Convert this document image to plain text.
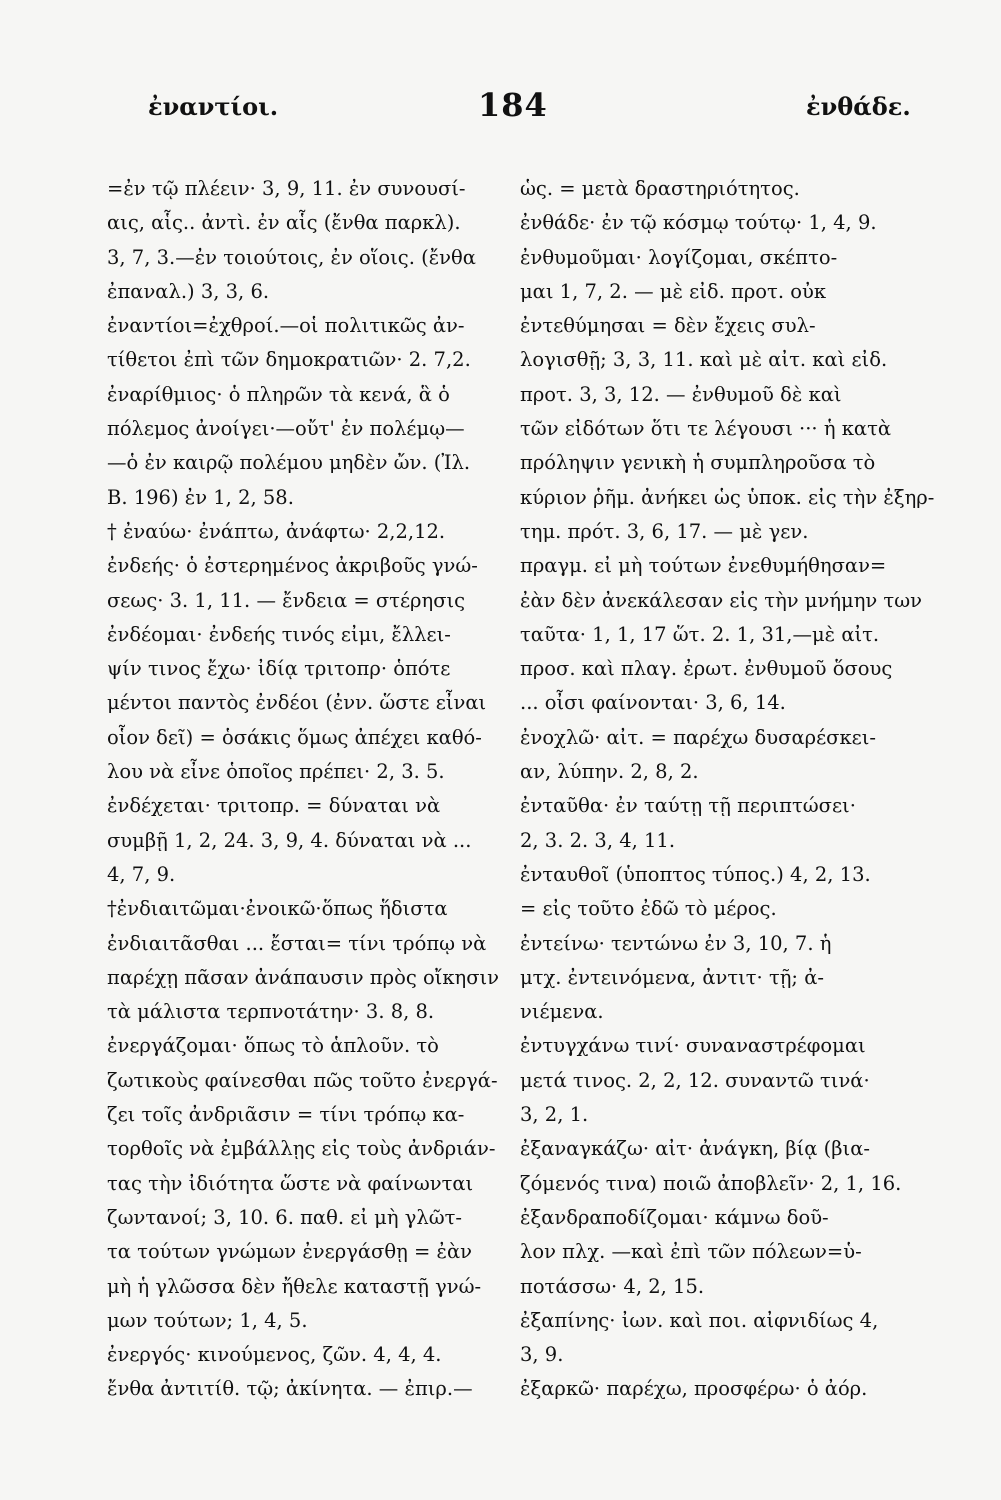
ἐναντίοι.	184	ἐνθάδε.
=ἐν τῷ πλέειν· 3, 9, 11. ἐν συνουσί-
αις, αἷς.. ἀντὶ. ἐν αἷς (ἔνθα παρκλ).
3, 7, 3.—ἐν τοιούτοις, ἐν οἵοις. (ἔνθα
ἐπαναλ.) 3, 3, 6.
ἐναντίοι=ἐχθροί.—οἱ πολιτικῶς ἀν-
τίθετοι ἐπὶ τῶν δημοκρατιῶν· 2. 7,2.
ἐναρίθμιος· ὁ πληρῶν τὰ κενά, ἃ ὁ
πόλεμος ἀνοίγει·—οὔτ' ἐν πολέμῳ—
—ὁ ἐν καιρῷ πολέμου μηδὲν ὤν. (Ἰλ.
Β. 196) ἐν 1, 2, 58.
† ἐναύω· ἐνάπτω, ἀνάφτω· 2,2,12.
ἐνδεής· ὁ ἐστερημένος ἀκριβοῦς γνώ-
σεως· 3. 1, 11. — ἔνδεια = στέρησις
ἐνδέομαι· ἐνδεής τινός εἰμι, ἔλλει-
ψίν τινος ἔχω· ἰδίᾳ τριτοπρ· ὁπότε
μέντοι παντὸς ἐνδέοι (ἐνν. ὥστε εἶναι
οἷον δεῖ) = ὁσάκις ὅμως ἀπέχει καθό-
λου νὰ εἶνε ὁποῖος πρέπει· 2, 3. 5.
ἐνδέχεται· τριτοπρ. = δύναται νὰ
συμβῇ 1, 2, 24. 3, 9, 4. δύναται νὰ ...
4, 7, 9.
†ἐνδιαιτῶμαι·ἐνοικῶ·ὅπως ἥδιστα
ἐνδιαιτᾶσθαι ... ἔσται= τίνι τρόπῳ νὰ
παρέχῃ πᾶσαν ἀνάπαυσιν πρὸς οἴκησιν
τὰ μάλιστα τερπνοτάτην· 3. 8, 8.
ἐνεργάζομαι· ὅπως τὸ ἁπλοῦν. τὸ
ζωτικοὺς φαίνεσθαι πῶς τοῦτο ἐνεργά-
ζει τοῖς ἀνδριᾶσιν = τίνι τρόπῳ κα-
τορθοῖς νὰ ἐμβάλλῃς εἰς τοὺς ἀνδριάν-
τας τὴν ἰδιότητα ὥστε νὰ φαίνωνται
ζωντανοί; 3, 10. 6. παθ. εἰ μὴ γλῶτ-
τα τούτων γνώμων ἐνεργάσθῃ = ἐὰν
μὴ ἡ γλῶσσα δὲν ἤθελε καταστῇ γνώ-
μων τούτων; 1, 4, 5.
ἐνεργός· κινούμενος, ζῶν. 4, 4, 4.
ἔνθα ἀντιτίθ. τῷ; ἀκίνητα. — ἐπιρ.—
ὡς. = μετὰ δραστηριότητος.
ἐνθάδε· ἐν τῷ κόσμῳ τούτῳ· 1, 4, 9.
ἐνθυμοῦμαι· λογίζομαι, σκέπτο-
μαι 1, 7, 2. — μὲ εἰδ. προτ. οὐκ
ἐντεθύμησαι = δὲν ἔχεις συλ-
λογισθῇ; 3, 3, 11. καὶ μὲ αἰτ. καὶ εἰδ.
προτ. 3, 3, 12. — ἐνθυμοῦ δὲ καὶ
τῶν εἰδότων ὅτι τε λέγουσι ··· ἡ κατὰ
πρόληψιν γενικὴ ἡ συμπληροῦσα τὸ
κύριον ῥῆμ. ἀνήκει ὡς ὑποκ. εἰς τὴν ἐξηρ-
τημ. πρότ. 3, 6, 17. — μὲ γεν.
πραγμ. εἰ μὴ τούτων ἐνεθυμήθησαν=
ἐὰν δὲν ἀνεκάλεσαν εἰς τὴν μνήμην των
ταῦτα· 1, 1, 17 ὥτ. 2. 1, 31,—μὲ αἰτ.
προσ. καὶ πλαγ. ἐρωτ. ἐνθυμοῦ ὅσους
... οἶσι φαίνονται· 3, 6, 14.
ἐνοχλῶ· αἰτ. = παρέχω δυσαρέσκει-
αν, λύπην. 2, 8, 2.
ἐνταῦθα· ἐν ταύτῃ τῇ περιπτώσει·
2, 3. 2. 3, 4, 11.
ἐνταυθοῖ (ὑποπτος τύπος.) 4, 2, 13.
= εἰς τοῦτο ἐδῶ τὸ μέρος.
ἐντείνω· τεντώνω ἐν 3, 10, 7. ἡ
μτχ. ἐντεινόμενα, ἀντιτ· τῇ; ἀ-
νιέμενα.
ἐντυγχάνω τινί· συναναστρέφομαι
μετά τινος. 2, 2, 12. συναντῶ τινά·
3, 2, 1.
ἐξαναγκάζω· αἰτ· ἀνάγκη, βίᾳ (βια-
ζόμενός τινα) ποιῶ ἀποβλεῖν· 2, 1, 16.
ἐξανδραποδίζομαι· κάμνω δοῦ-
λον πλχ. —καὶ ἐπὶ τῶν πόλεων=ὑ-
ποτάσσω· 4, 2, 15.
ἐξαπίνης· ἰων. καὶ ποι. αἰφνιδίως 4,
3, 9.
ἐξαρκῶ· παρέχω, προσφέρω· ὁ ἀόρ.
